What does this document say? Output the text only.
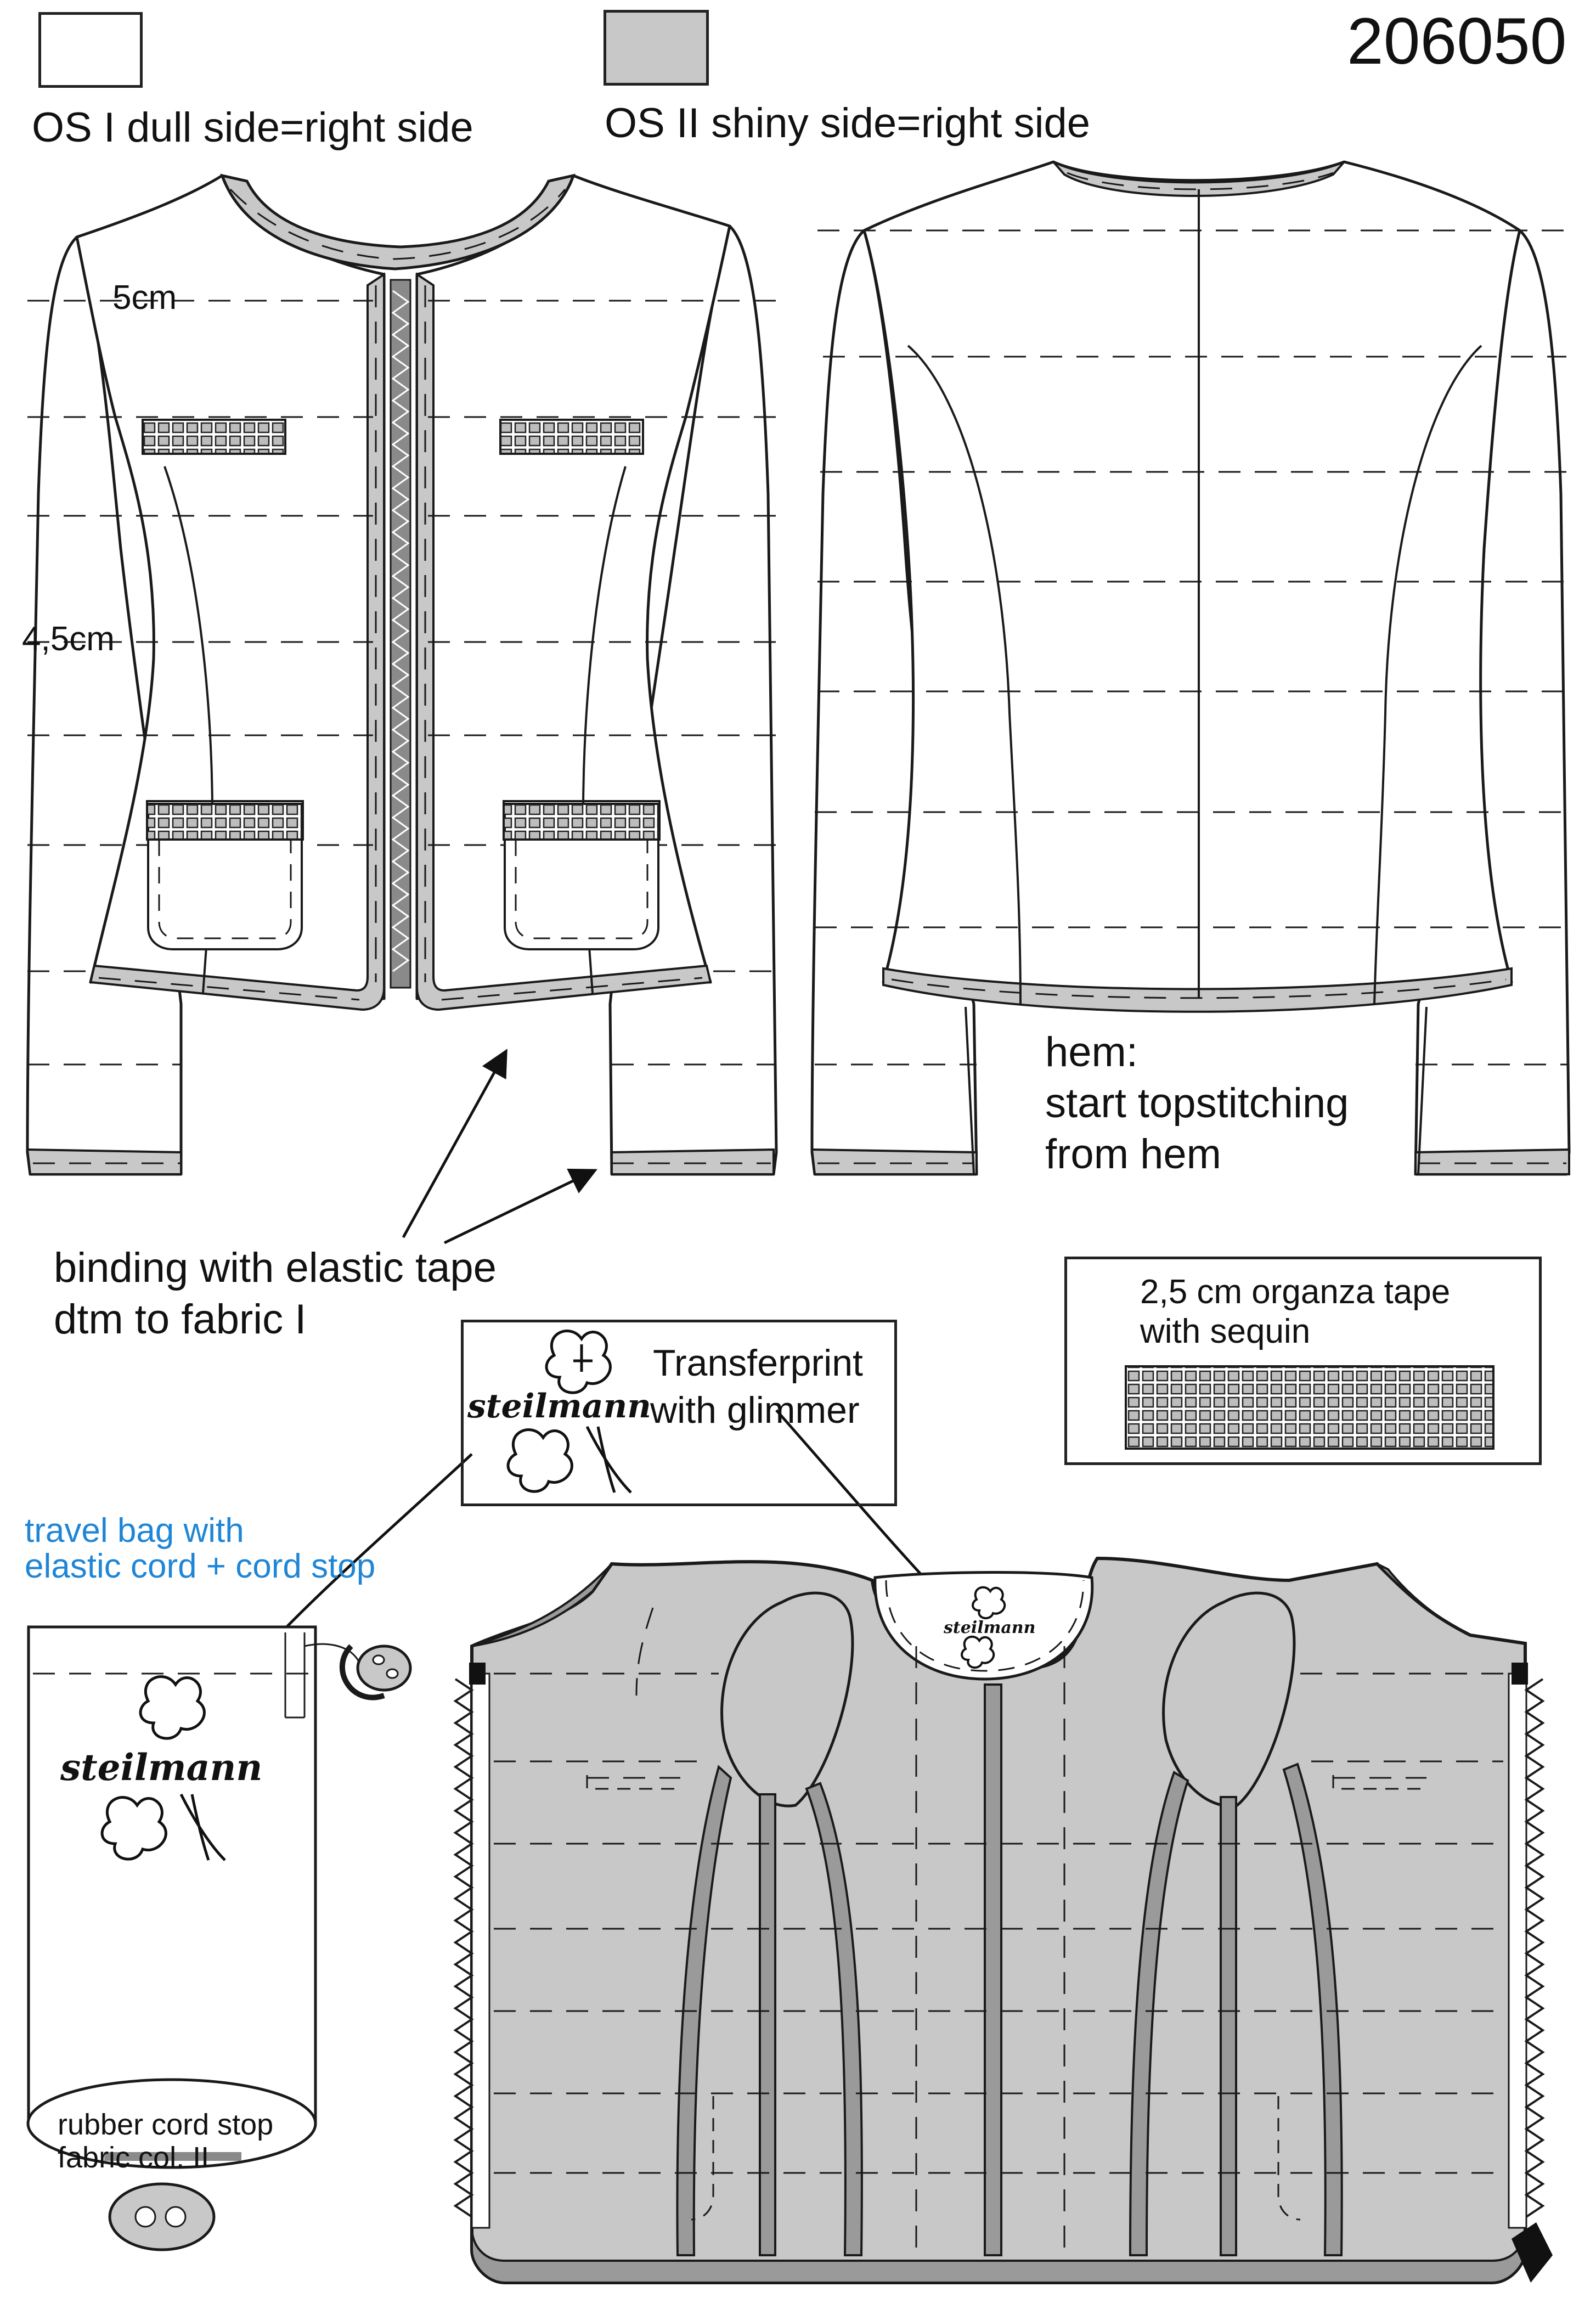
OS I dull side=right side	OS II shiny side=right side
206050
5cm
4,5cm
hem:
start topstitching
from hem
binding with elastic tape
dtm to fabric I
steilmann
Transferprint
with glimmer
2,5 cm organza tape
with sequin
travel bag with
elastic cord + cord stop
steilmann
rubber cord stop
fabric col. II
steilmann
